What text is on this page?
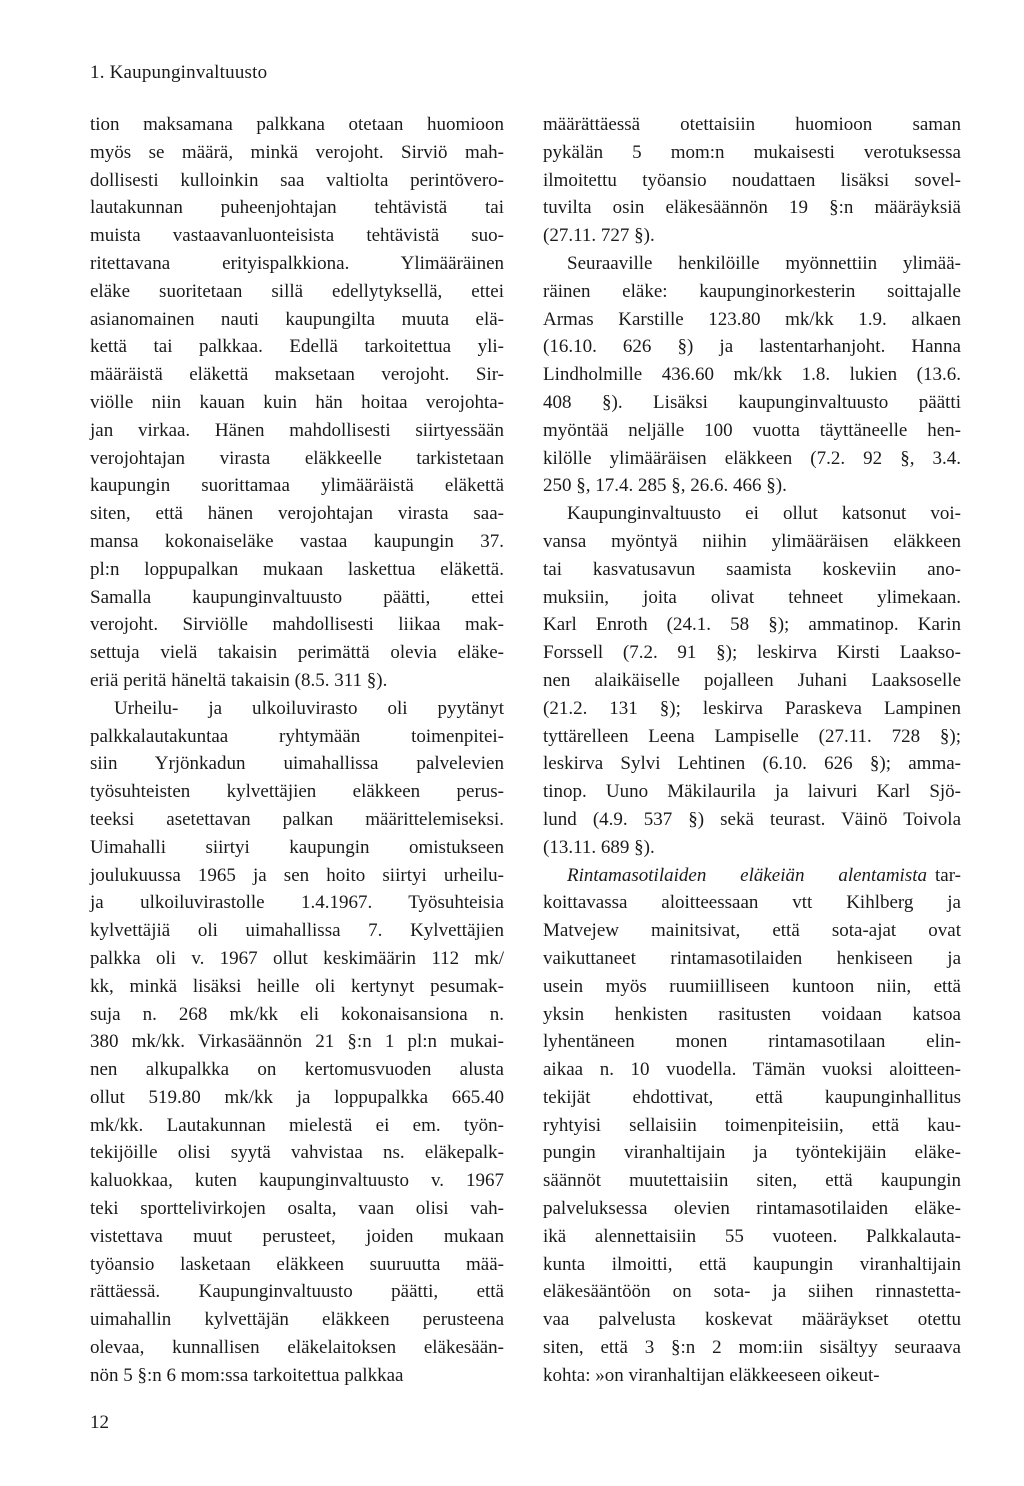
1. Kaupunginvaltuusto
tion maksamana palkkana otetaan huomioon
myös se määrä, minkä verojoht. Sirviö mah-
dollisesti kulloinkin saa valtiolta perintövero-
lautakunnan puheenjohtajan tehtävistä tai
muista vastaavanluonteisista tehtävistä suo-
ritettavana erityispalkkiona. Ylimääräinen
eläke suoritetaan sillä edellytyksellä, ettei
asianomainen nauti kaupungilta muuta elä-
kettä tai palkkaa. Edellä tarkoitettua yli-
määräistä eläkettä maksetaan verojoht. Sir-
viölle niin kauan kuin hän hoitaa verojohta-
jan virkaa. Hänen mahdollisesti siirtyessään
verojohtajan virasta eläkkeelle tarkistetaan
kaupungin suorittamaa ylimääräistä eläkettä
siten, että hänen verojohtajan virasta saa-
mansa kokonaiseläke vastaa kaupungin 37.
pl:n loppupalkan mukaan laskettua eläkettä.
Samalla kaupunginvaltuusto päätti, ettei
verojoht. Sirviölle mahdollisesti liikaa mak-
settuja vielä takaisin perimättä olevia eläke-
eriä peritä häneltä takaisin (8.5. 311 §).
Urheilu- ja ulkoiluvirasto oli pyytänyt
palkkalautakuntaa ryhtymään toimenpitei-
siin Yrjönkadun uimahallissa palvelevien
työsuhteisten kylvettäjien eläkkeen perus-
teeksi asetettavan palkan määrittelemiseksi.
Uimahalli siirtyi kaupungin omistukseen
joulukuussa 1965 ja sen hoito siirtyi urheilu-
ja ulkoiluvirastolle 1.4.1967. Työsuhteisia
kylvettäjiä oli uimahallissa 7. Kylvettäjien
palkka oli v. 1967 ollut keskimäärin 112 mk/
kk, minkä lisäksi heille oli kertynyt pesumak-
suja n. 268 mk/kk eli kokonaisansiona n.
380 mk/kk. Virkasäännön 21 §:n 1 pl:n mukai-
nen alkupalkka on kertomusvuoden alusta
ollut 519.80 mk/kk ja loppupalkka 665.40
mk/kk. Lautakunnan mielestä ei em. työn-
tekijöille olisi syytä vahvistaa ns. eläkepalk-
kaluokkaa, kuten kaupunginvaltuusto v. 1967
teki sporttelivirkojen osalta, vaan olisi vah-
vistettava muut perusteet, joiden mukaan
työansio lasketaan eläkkeen suuruutta mää-
rättäessä. Kaupunginvaltuusto päätti, että
uimahallin kylvettäjän eläkkeen perusteena
olevaa, kunnallisen eläkelaitoksen eläkesään-
nön 5 §:n 6 mom:ssa tarkoitettua palkkaa
määrättäessä otettaisiin huomioon saman
pykälän 5 mom:n mukaisesti verotuksessa
ilmoitettu työansio noudattaen lisäksi sovel-
tuvilta osin eläkesäännön 19 §:n määräyksiä
(27.11. 727 §).
Seuraaville henkilöille myönnettiin ylimää-
räinen eläke: kaupunginorkesterin soittajalle
Armas Karstille 123.80 mk/kk 1.9. alkaen
(16.10. 626 §) ja lastentarhanjoht. Hanna
Lindholmille 436.60 mk/kk 1.8. lukien (13.6.
408 §). Lisäksi kaupunginvaltuusto päätti
myöntää neljälle 100 vuotta täyttäneelle hen-
kilölle ylimääräisen eläkkeen (7.2. 92 §, 3.4.
250 §, 17.4. 285 §, 26.6. 466 §).
Kaupunginvaltuusto ei ollut katsonut voi-
vansa myöntyä niihin ylimääräisen eläkkeen
tai kasvatusavun saamista koskeviin ano-
muksiin, joita olivat tehneet ylimekaan.
Karl Enroth (24.1. 58 §); ammatinop. Karin
Forssell (7.2. 91 §); leskirva Kirsti Laakso-
nen alaikäiselle pojalleen Juhani Laaksoselle
(21.2. 131 §); leskirva Paraskeva Lampinen
tyttärelleen Leena Lampiselle (27.11. 728 §);
leskirva Sylvi Lehtinen (6.10. 626 §); amma-
tinop. Uuno Mäkilaurila ja laivuri Karl Sjö-
lund (4.9. 537 §) sekä teurast. Väinö Toivola
(13.11. 689 §).
Rintamasotilaiden eläkeiän alentamista tar-
koittavassa aloitteessaan vtt Kihlberg ja
Matvejew mainitsivat, että sota-ajat ovat
vaikuttaneet rintamasotilaiden henkiseen ja
usein myös ruumiilliseen kuntoon niin, että
yksin henkisten rasitusten voidaan katsoa
lyhentäneen monen rintamasotilaan elin-
aikaa n. 10 vuodella. Tämän vuoksi aloitteen-
tekijät ehdottivat, että kaupunginhallitus
ryhtyisi sellaisiin toimenpiteisiin, että kau-
pungin viranhaltijain ja työntekijäin eläke-
säännöt muutettaisiin siten, että kaupungin
palveluksessa olevien rintamasotilaiden eläke-
ikä alennettaisiin 55 vuoteen. Palkkalauta-
kunta ilmoitti, että kaupungin viranhaltijain
eläkesääntöön on sota- ja siihen rinnastetta-
vaa palvelusta koskevat määräykset otettu
siten, että 3 §:n 2 mom:iin sisältyy seuraava
kohta: »on viranhaltijan eläkkeeseen oikeut-
12
